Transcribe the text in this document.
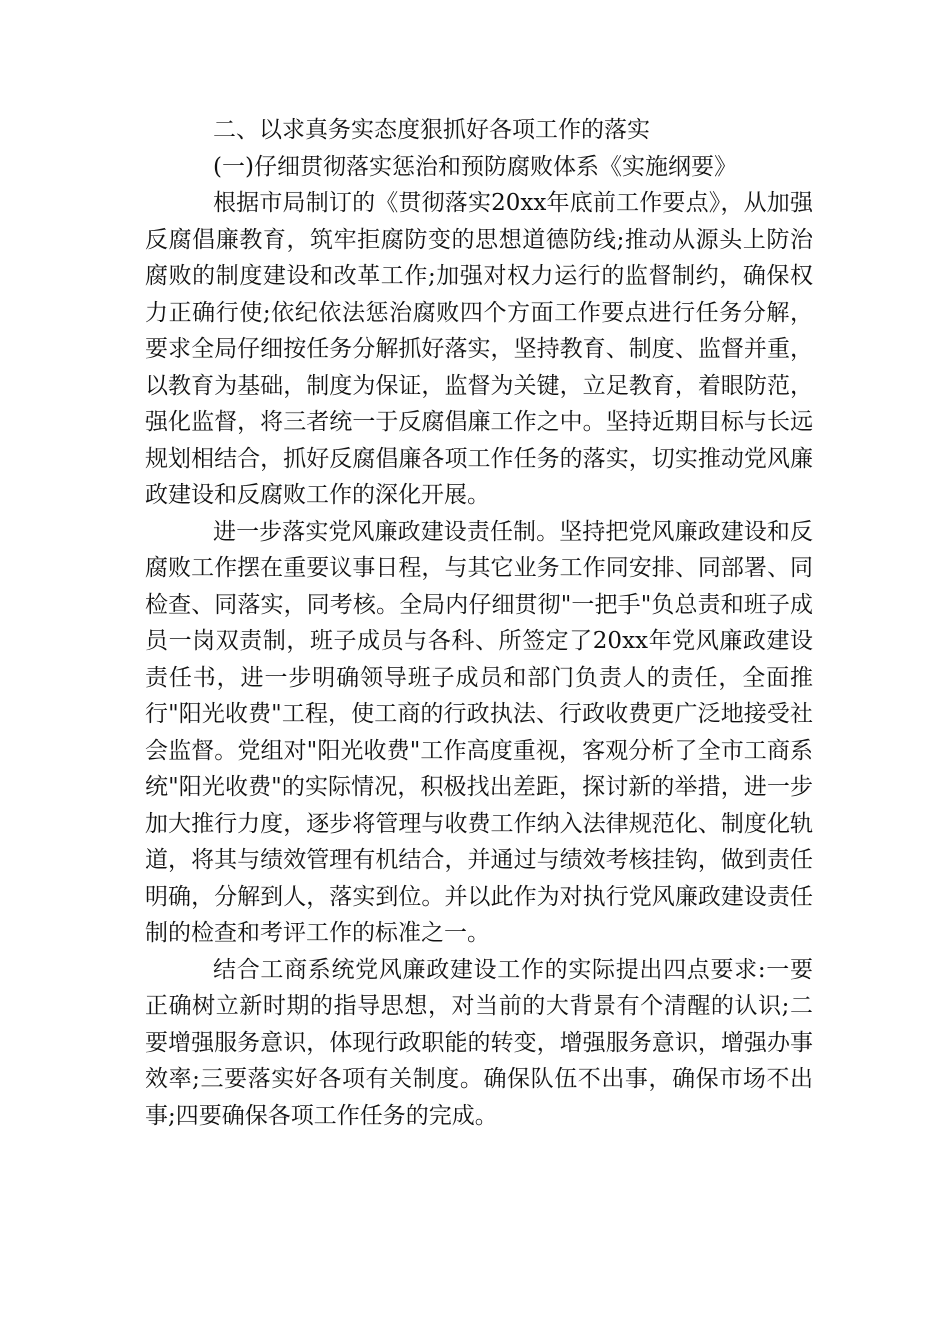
二、以求真务实态度狠抓好各项工作的落实

(一)仔细贯彻落实惩治和预防腐败体系《实施纲要》

根据市局制订的《贯彻落实20xx年底前工作要点》，从加强反腐倡廉教育，筑牢拒腐防变的思想道德防线;推动从源头上防治腐败的制度建设和改革工作;加强对权力运行的监督制约，确保权力正确行使;依纪依法惩治腐败四个方面工作要点进行任务分解，要求全局仔细按任务分解抓好落实，坚持教育、制度、监督并重，以教育为基础，制度为保证，监督为关键，立足教育，着眼防范，强化监督，将三者统一于反腐倡廉工作之中。坚持近期目标与长远规划相结合，抓好反腐倡廉各项工作任务的落实，切实推动党风廉政建设和反腐败工作的深化开展。

进一步落实党风廉政建设责任制。坚持把党风廉政建设和反腐败工作摆在重要议事日程，与其它业务工作同安排、同部署、同检查、同落实，同考核。全局内仔细贯彻"一把手"负总责和班子成员一岗双责制，班子成员与各科、所签定了20xx年党风廉政建设责任书，进一步明确领导班子成员和部门负责人的责任，全面推行"阳光收费"工程，使工商的行政执法、行政收费更广泛地接受社会监督。党组对"阳光收费"工作高度重视，客观分析了全市工商系统"阳光收费"的实际情况，积极找出差距，探讨新的举措，进一步加大推行力度，逐步将管理与收费工作纳入法律规范化、制度化轨道，将其与绩效管理有机结合，并通过与绩效考核挂钩，做到责任明确，分解到人，落实到位。并以此作为对执行党风廉政建设责任制的检查和考评工作的标准之一。

结合工商系统党风廉政建设工作的实际提出四点要求:一要正确树立新时期的指导思想，对当前的大背景有个清醒的认识;二要增强服务意识，体现行政职能的转变，增强服务意识，增强办事效率;三要落实好各项有关制度。确保队伍不出事，确保市场不出事;四要确保各项工作任务的完成。
